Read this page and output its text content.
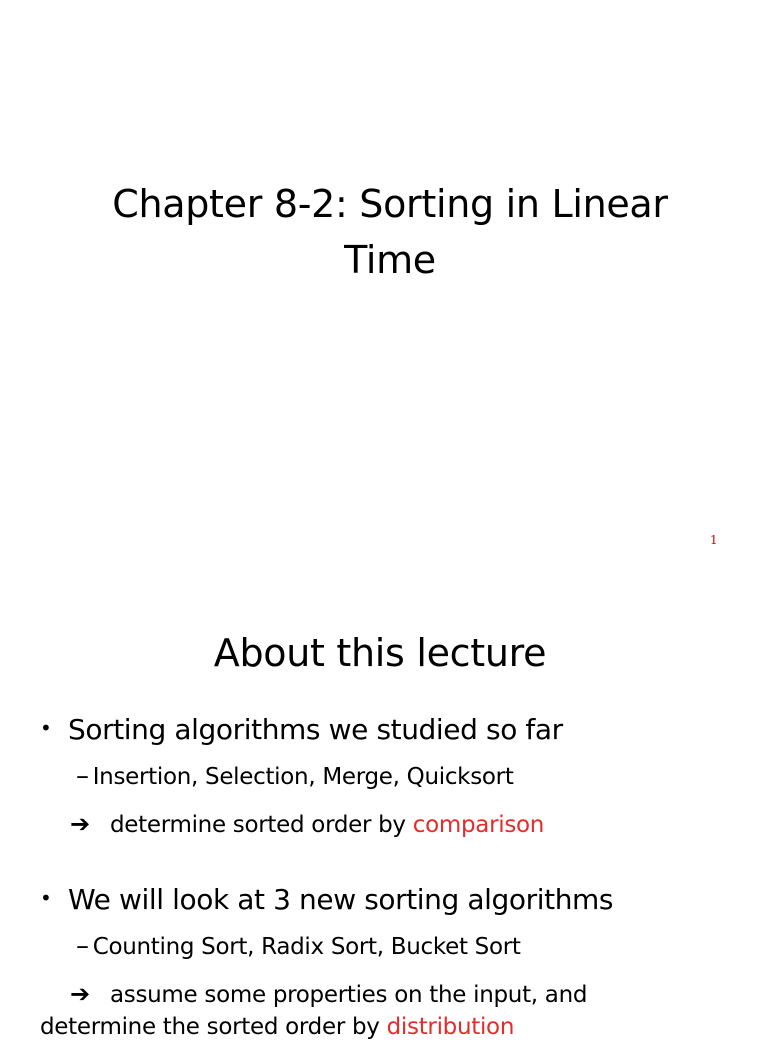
Chapter 8-2: Sorting in Linear Time
1
About this lecture
• Sorting algorithms we studied so far
– Insertion, Selection, Merge, Quicksort
➔ determine sorted order by comparison
• We will look at 3 new sorting algorithms
– Counting Sort, Radix Sort, Bucket Sort
➔ assume some properties on the input, and
determine the sorted order by distribution
